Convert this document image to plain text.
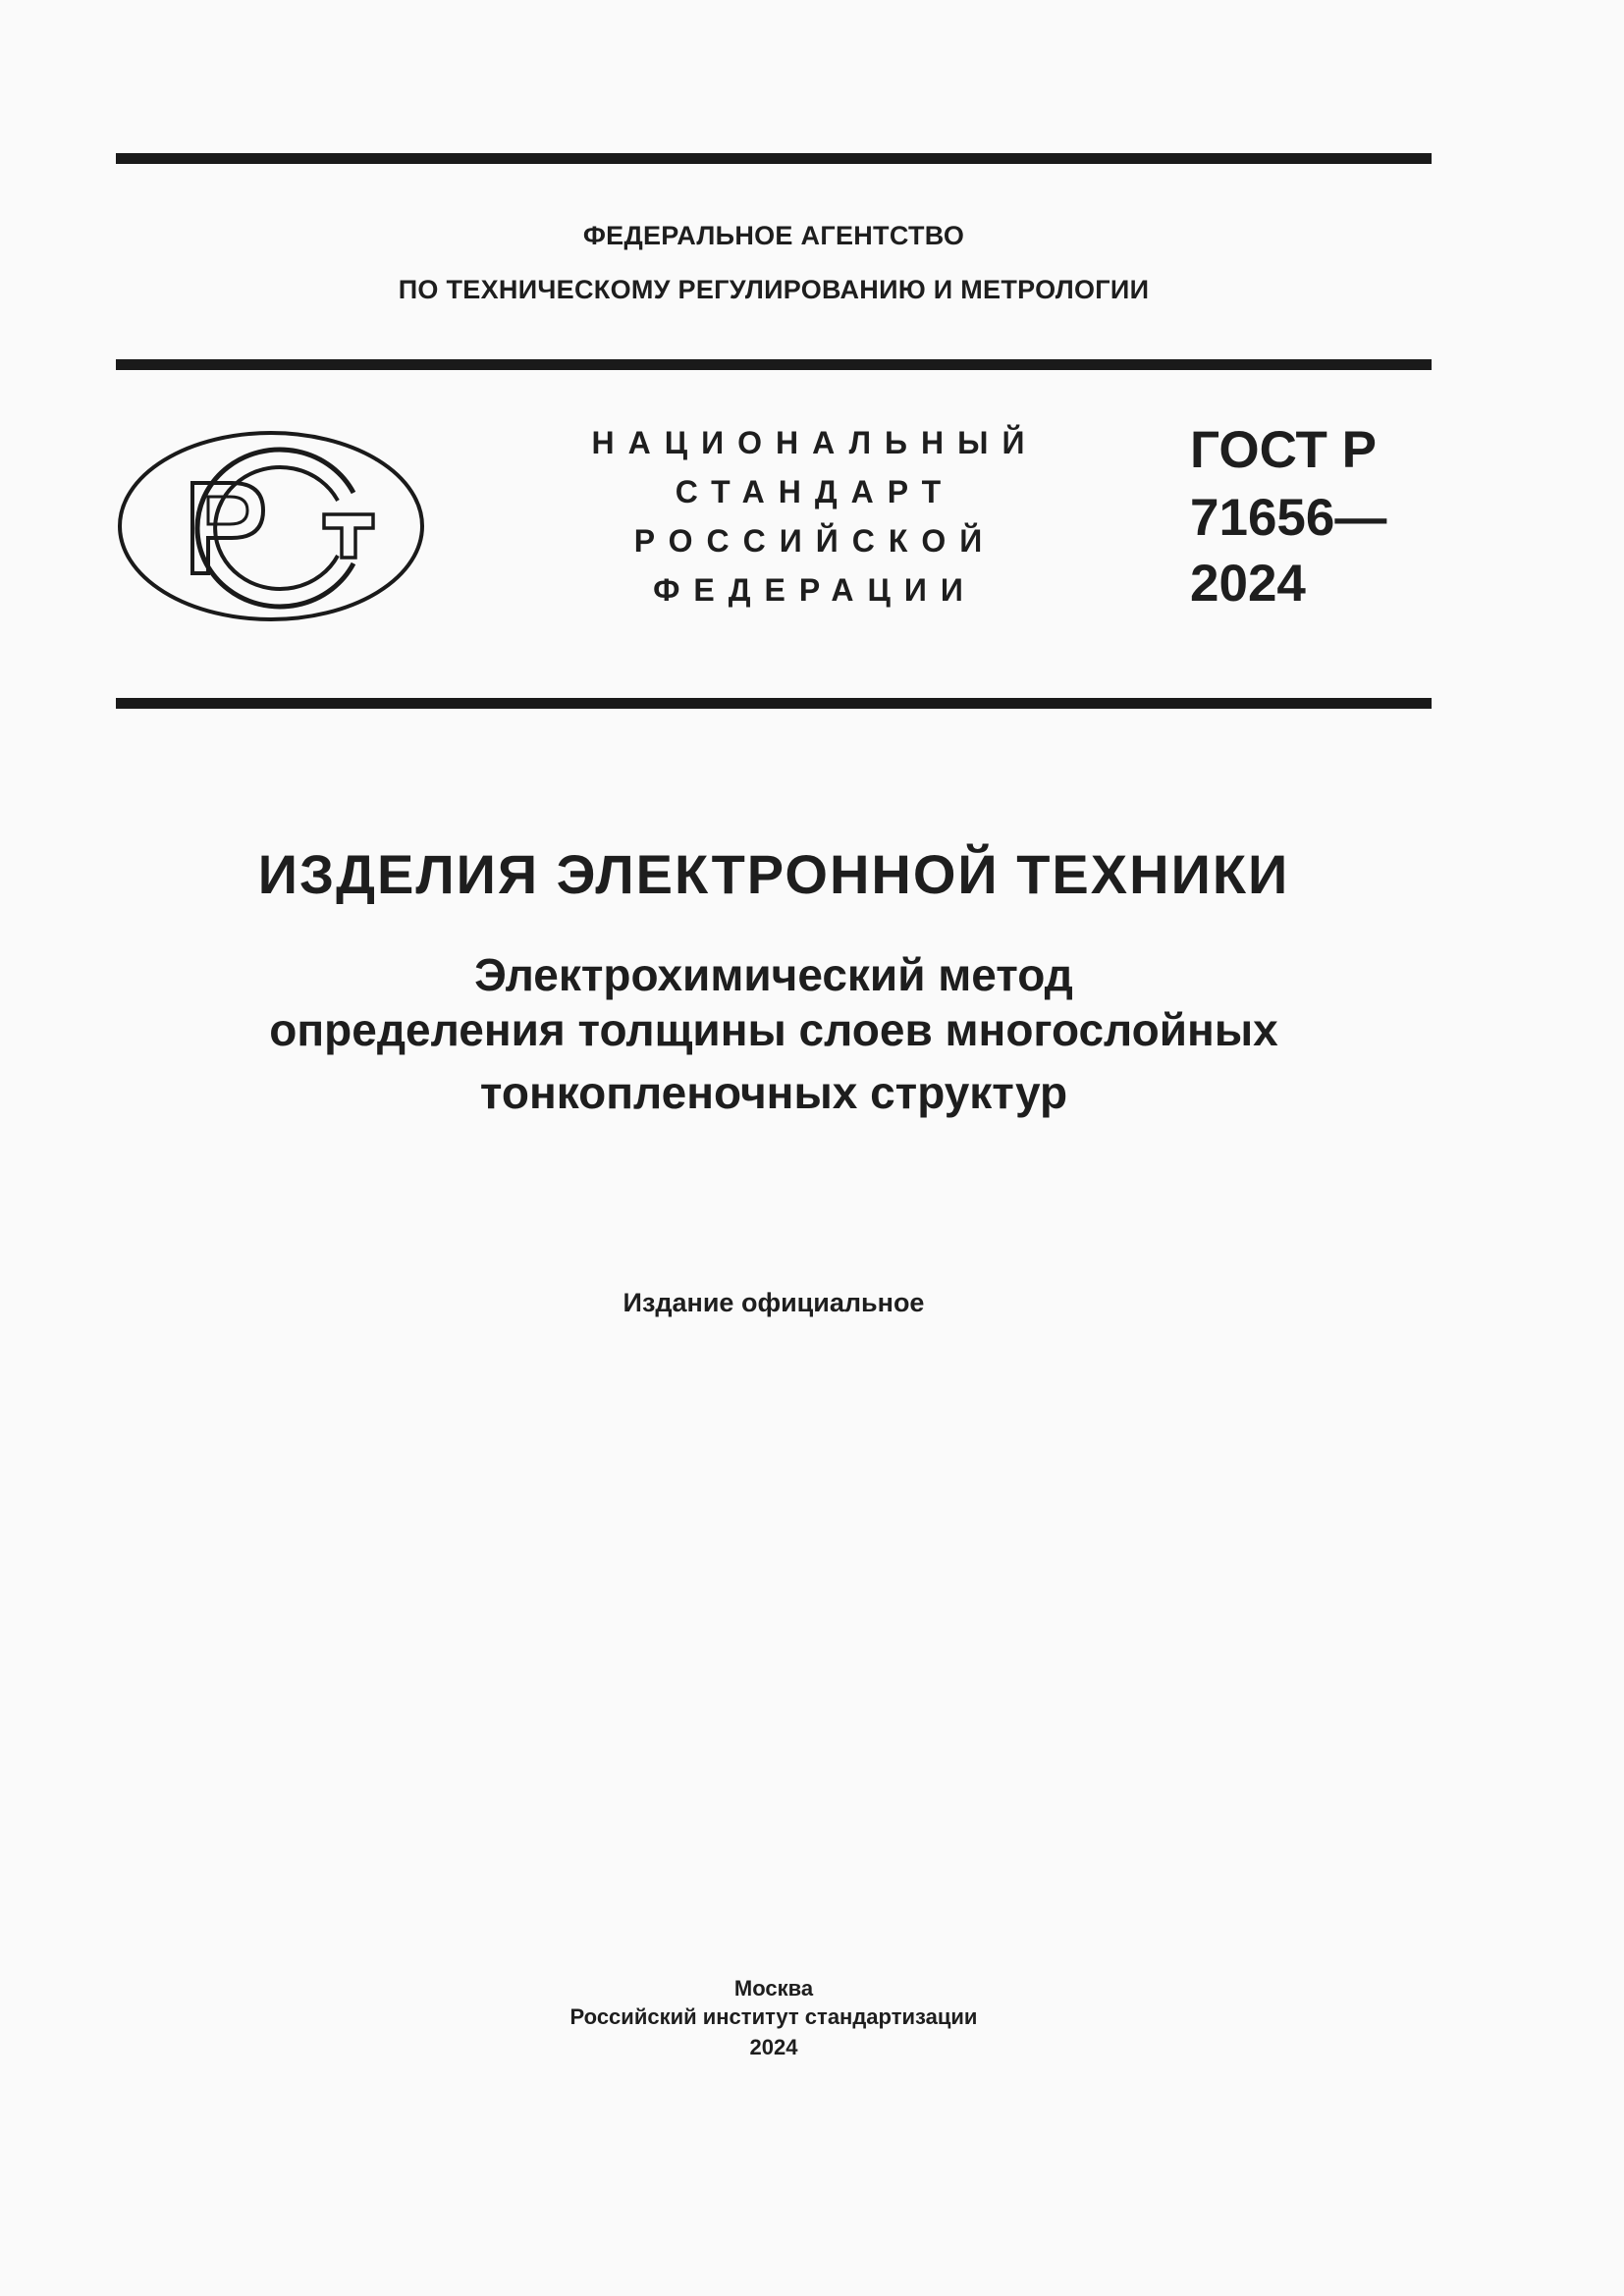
ФЕДЕРАЛЬНОЕ АГЕНТСТВО
ПО ТЕХНИЧЕСКОМУ РЕГУЛИРОВАНИЮ И МЕТРОЛОГИИ
НАЦИОНАЛЬНЫЙ
СТАНДАРТ
РОССИЙСКОЙ
ФЕДЕРАЦИИ
ГОСТ Р
71656—
2024
ИЗДЕЛИЯ ЭЛЕКТРОННОЙ ТЕХНИКИ
Электрохимический метод
определения толщины слоев многослойных
тонкопленочных структур
Издание официальное
Москва
Российский институт стандартизации
2024
